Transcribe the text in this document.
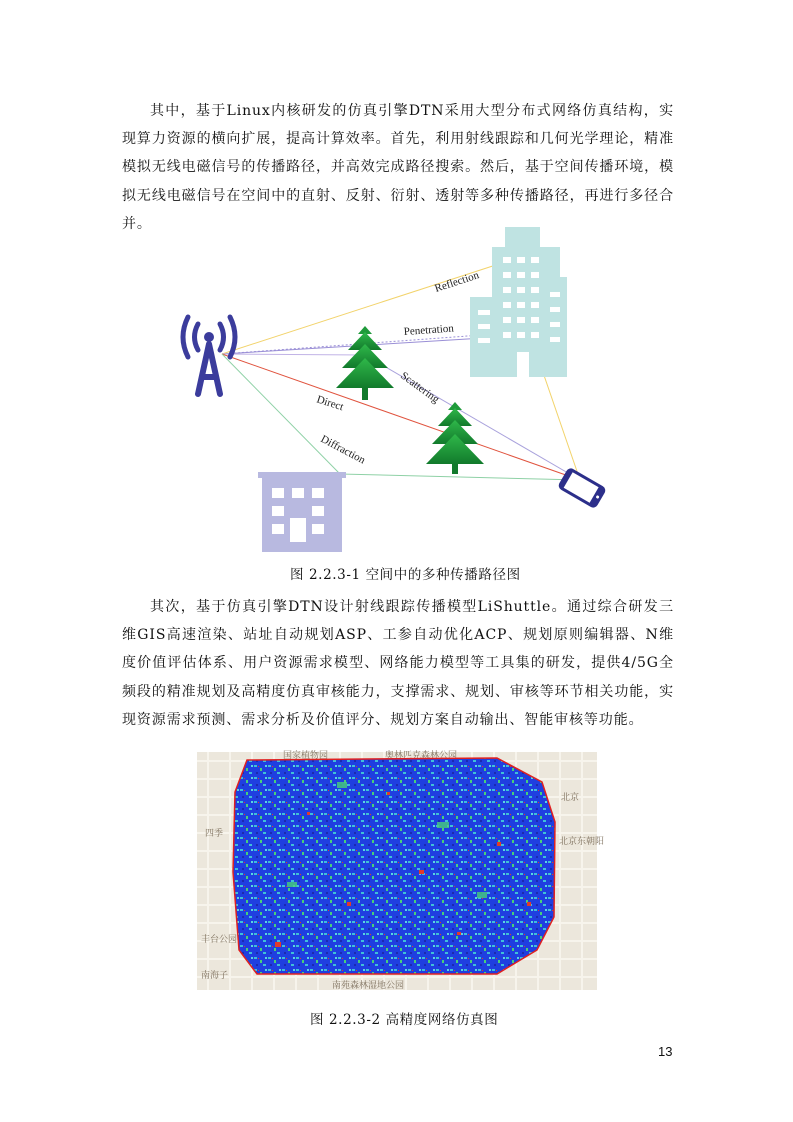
其中，基于Linux内核研发的仿真引擎DTN采用大型分布式网络仿真结构，实现算力资源的横向扩展，提高计算效率。首先，利用射线跟踪和几何光学理论，精准模拟无线电磁信号的传播路径，并高效完成路径搜索。然后，基于空间传播环境，模拟无线电磁信号在空间中的直射、反射、衍射、透射等多种传播路径，再进行多径合并。

Reflection
Penetration
Scattering
Direct
Diffraction

图 2.2.3-1 空间中的多种传播路径图

其次，基于仿真引擎DTN设计射线跟踪传播模型LiShuttle。通过综合研发三维GIS高速渲染、站址自动规划ASP、工参自动优化ACP、规划原则编辑器、N维度价值评估体系、用户资源需求模型、网络能力模型等工具集的研发，提供4/5G全频段的精准规划及高精度仿真审核能力，支撑需求、规划、审核等环节相关功能，实现资源需求预测、需求分析及价值评分、规划方案自动输出、智能审核等功能。

国家植物园	奥林匹克森林公园
四季
北京
北京东朝阳
丰台公园
南海子
南苑森林湿地公园

图 2.2.3-2 高精度网络仿真图

13
